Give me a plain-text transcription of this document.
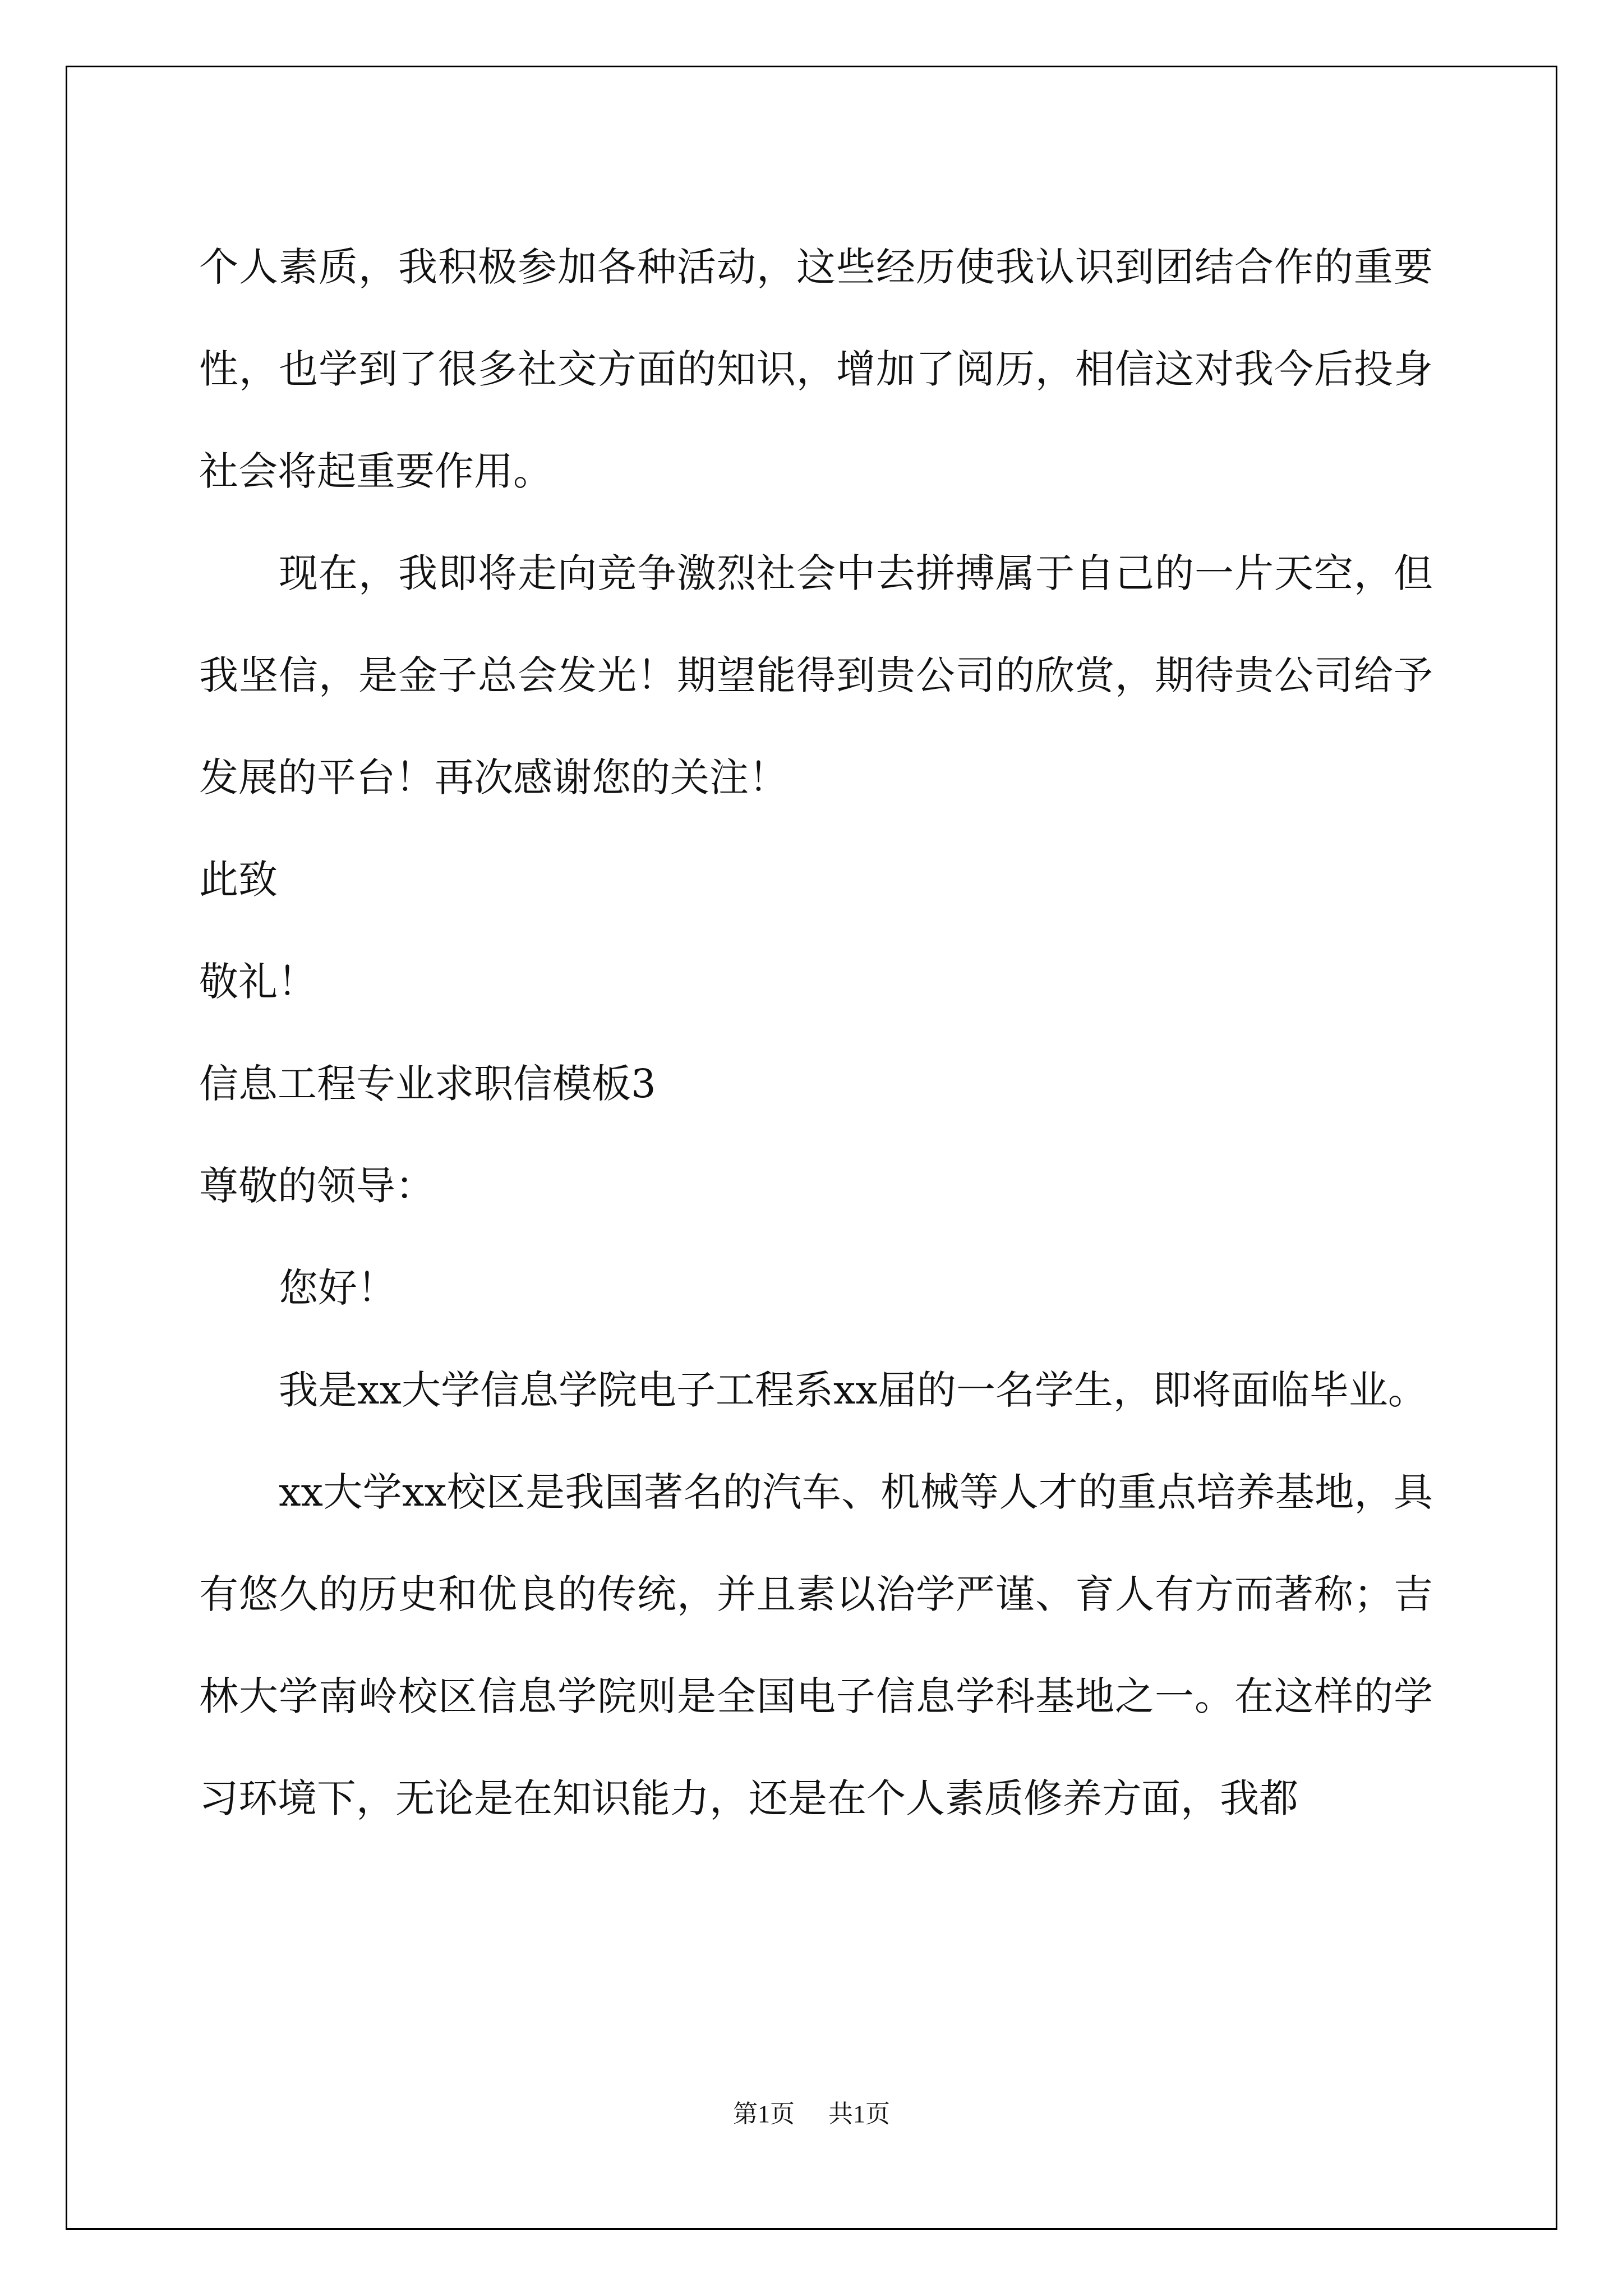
个人素质，我积极参加各种活动，这些经历使我认识到团结合作的重要性，也学到了很多社交方面的知识，增加了阅历，相信这对我今后投身社会将起重要作用。

现在，我即将走向竞争激烈社会中去拼搏属于自己的一片天空，但我坚信，是金子总会发光！期望能得到贵公司的欣赏，期待贵公司给予发展的平台！再次感谢您的关注！

此致

敬礼！

信息工程专业求职信模板3

尊敬的领导：

您好！

我是xx大学信息学院电子工程系xx届的一名学生，即将面临毕业。

xx大学xx校区是我国著名的汽车、机械等人才的重点培养基地，具有悠久的历史和优良的传统，并且素以治学严谨、育人有方而著称；吉林大学南岭校区信息学院则是全国电子信息学科基地之一。在这样的学习环境下，无论是在知识能力，还是在个人素质修养方面，我都

第1页 共1页
